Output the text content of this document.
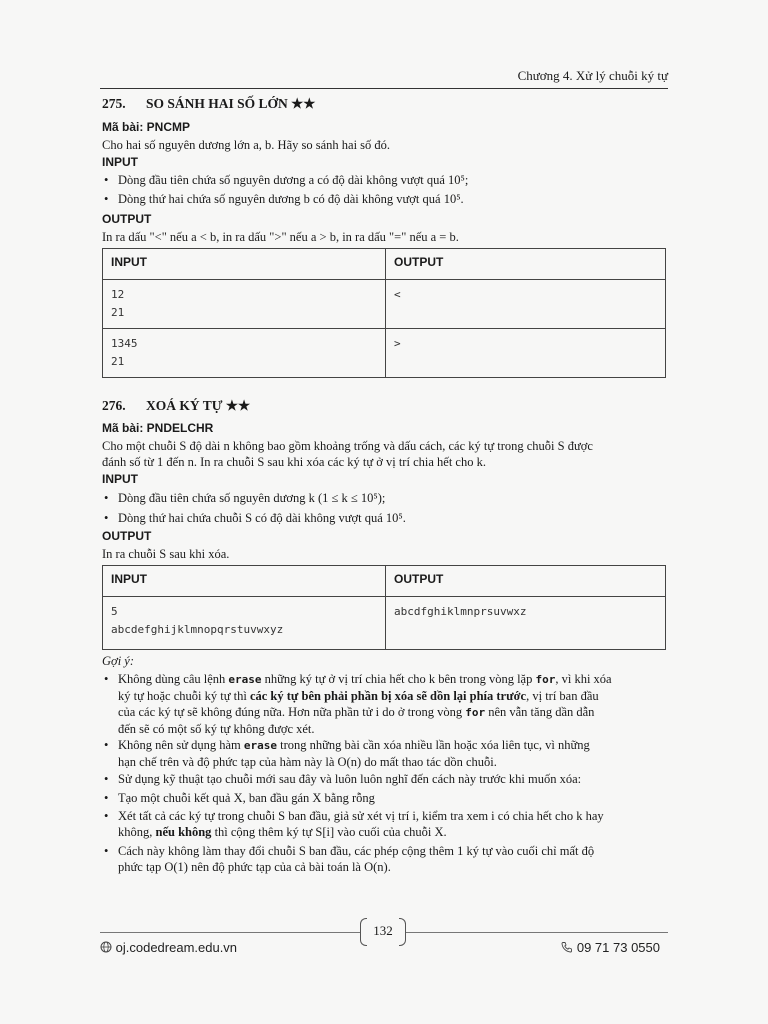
Chương 4. Xử lý chuỗi ký tự
275. SO SÁNH HAI SỐ LỚN ★★
Mã bài: PNCMP
Cho hai số nguyên dương lớn a, b. Hãy so sánh hai số đó.
INPUT
• Dòng đầu tiên chứa số nguyên dương a có độ dài không vượt quá 10⁵;
• Dòng thứ hai chứa số nguyên dương b có độ dài không vượt quá 10⁵.
OUTPUT
In ra dấu "<" nếu a < b, in ra dấu ">" nếu a > b, in ra dấu "=" nếu a = b.
INPUT	OUTPUT

12
21	<

1345
21	>
276. XOÁ KÝ TỰ ★★
Mã bài: PNDELCHR
Cho một chuỗi S độ dài n không bao gồm khoảng trống và dấu cách, các ký tự trong chuỗi S được
đánh số từ 1 đến n. In ra chuỗi S sau khi xóa các ký tự ở vị trí chia hết cho k.
INPUT
• Dòng đầu tiên chứa số nguyên dương k (1 ≤ k ≤ 10⁵);
• Dòng thứ hai chứa chuỗi S có độ dài không vượt quá 10⁵.
OUTPUT
In ra chuỗi S sau khi xóa.
INPUT	OUTPUT

5
abcdefghijklmnopqrstuvwxyz	abcdfghiklmnprsuvwxz
Gợi ý:
• Không dùng câu lệnh erase những ký tự ở vị trí chia hết cho k bên trong vòng lặp for, vì khi xóa
ký tự hoặc chuỗi ký tự thì các ký tự bên phải phần bị xóa sẽ dồn lại phía trước, vị trí ban đầu
của các ký tự sẽ không đúng nữa. Hơn nữa phần tử i do ở trong vòng for nên vẫn tăng dần dẫn
đến sẽ có một số ký tự không được xét.
• Không nên sử dụng hàm erase trong những bài cần xóa nhiều lần hoặc xóa liên tục, vì những
hạn chế trên và độ phức tạp của hàm này là O(n) do mất thao tác dồn chuỗi.
• Sử dụng kỹ thuật tạo chuỗi mới sau đây và luôn luôn nghĩ đến cách này trước khi muốn xóa:
• Tạo một chuỗi kết quả X, ban đầu gán X bằng rỗng
• Xét tất cả các ký tự trong chuỗi S ban đầu, giả sử xét vị trí i, kiểm tra xem i có chia hết cho k hay
không, nếu không thì cộng thêm ký tự S[i] vào cuối của chuỗi X.
• Cách này không làm thay đổi chuỗi S ban đầu, các phép cộng thêm 1 ký tự vào cuối chỉ mất độ
phức tạp O(1) nên độ phức tạp của cả bài toán là O(n).
132
oj.codedream.edu.vn	09 71 73 0550
